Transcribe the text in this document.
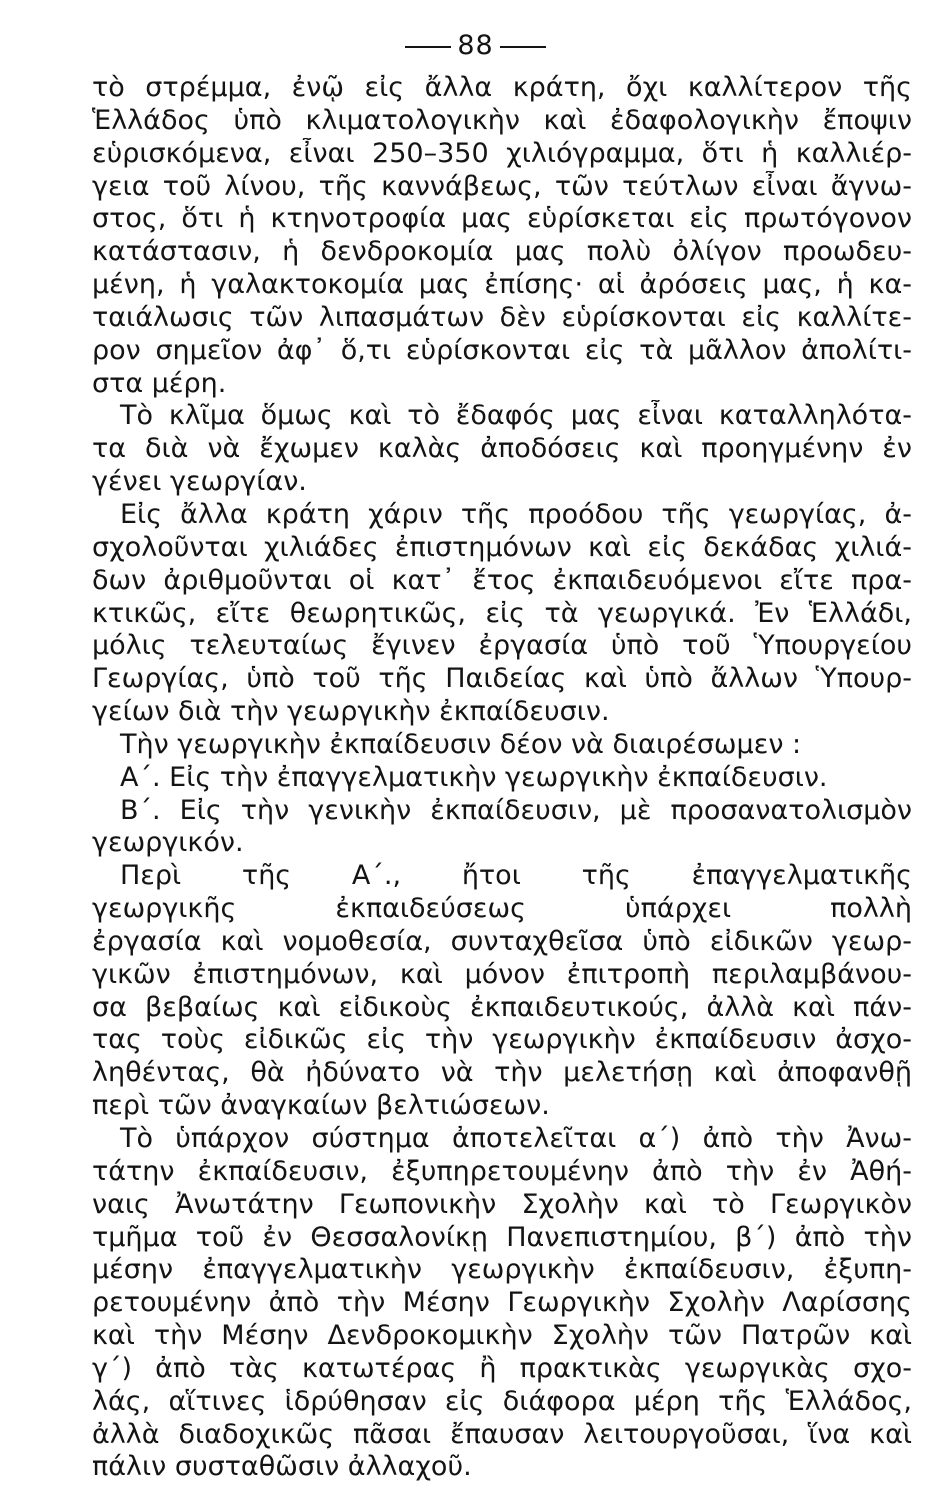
88
τὸ στρέμμα, ἐνῷ εἰς ἄλλα κράτη, ὄχι καλλίτερον τῆς
Ἑλλάδος ὑπὸ κλιματολογικὴν καὶ ἐδαφολογικὴν ἔποψιν
εὑρισκόμενα, εἶναι 250–350 χιλιόγραμμα, ὅτι ἡ καλλιέρ-
γεια τοῦ λίνου, τῆς καννάβεως, τῶν τεύτλων εἶναι ἄγνω-
στος, ὅτι ἡ κτηνοτροφία μας εὑρίσκεται εἰς πρωτόγονον
κατάστασιν, ἡ δενδροκομία μας πολὺ ὀλίγον προωδευ-
μένη, ἡ γαλακτοκομία μας ἐπίσης· αἱ ἀρόσεις μας, ἡ κα-
ταιάλωσις τῶν λιπασμάτων δὲν εὑρίσκονται εἰς καλλίτε-
ρον σημεῖον ἀφ᾽ ὅ,τι εὑρίσκονται εἰς τὰ μᾶλλον ἀπολίτι-
στα μέρη.
Τὸ κλῖμα ὅμως καὶ τὸ ἔδαφός μας εἶναι καταλληλότα-
τα διὰ νὰ ἔχωμεν καλὰς ἀποδόσεις καὶ προηγμένην ἐν
γένει γεωργίαν.
Εἰς ἄλλα κράτη χάριν τῆς προόδου τῆς γεωργίας, ἀ-
σχολοῦνται χιλιάδες ἐπιστημόνων καὶ εἰς δεκάδας χιλιά-
δων ἀριθμοῦνται οἱ κατ᾽ ἔτος ἐκπαιδευόμενοι εἴτε πρα-
κτικῶς, εἴτε θεωρητικῶς, εἰς τὰ γεωργικά. Ἐν Ἑλλάδι,
μόλις τελευταίως ἔγινεν ἐργασία ὑπὸ τοῦ Ὑπουργείου
Γεωργίας, ὑπὸ τοῦ τῆς Παιδείας καὶ ὑπὸ ἄλλων Ὑπουρ-
γείων διὰ τὴν γεωργικὴν ἐκπαίδευσιν.
Τὴν γεωργικὴν ἐκπαίδευσιν δέον νὰ διαιρέσωμεν :
Α΄. Εἰς τὴν ἐπαγγελματικὴν γεωργικὴν ἐκπαίδευσιν.
Β΄. Εἰς τὴν γενικὴν ἐκπαίδευσιν, μὲ προσανατολισμὸν
γεωργικόν.
Περὶ τῆς Α΄., ἤτοι τῆς ἐπαγγελματικῆς
γεωργικῆς ἐκπαιδεύσεως ὑπάρχει πολλὴ
ἐργασία καὶ νομοθεσία, συνταχθεῖσα ὑπὸ εἰδικῶν γεωρ-
γικῶν ἐπιστημόνων, καὶ μόνον ἐπιτροπὴ περιλαμβάνου-
σα βεβαίως καὶ εἰδικοὺς ἐκπαιδευτικούς, ἀλλὰ καὶ πάν-
τας τοὺς εἰδικῶς εἰς τὴν γεωργικὴν ἐκπαίδευσιν ἀσχο-
ληθέντας, θὰ ἠδύνατο νὰ τὴν μελετήσῃ καὶ ἀποφανθῇ
περὶ τῶν ἀναγκαίων βελτιώσεων.
Τὸ ὑπάρχον σύστημα ἀποτελεῖται α΄) ἀπὸ τὴν Ἀνω-
τάτην ἐκπαίδευσιν, ἐξυπηρετουμένην ἀπὸ τὴν ἐν Ἀθή-
ναις Ἀνωτάτην Γεωπονικὴν Σχολὴν καὶ τὸ Γεωργικὸν
τμῆμα τοῦ ἐν Θεσσαλονίκῃ Πανεπιστημίου, β΄) ἀπὸ τὴν
μέσην ἐπαγγελματικὴν γεωργικὴν ἐκπαίδευσιν, ἐξυπη-
ρετουμένην ἀπὸ τὴν Μέσην Γεωργικὴν Σχολὴν Λαρίσσης
καὶ τὴν Μέσην Δενδροκομικὴν Σχολὴν τῶν Πατρῶν καὶ
γ΄) ἀπὸ τὰς κατωτέρας ἢ πρακτικὰς γεωργικὰς σχο-
λάς, αἵτινες ἱδρύθησαν εἰς διάφορα μέρη τῆς Ἑλλάδος,
ἀλλὰ διαδοχικῶς πᾶσαι ἔπαυσαν λειτουργοῦσαι, ἵνα καὶ
πάλιν συσταθῶσιν ἀλλαχοῦ.
